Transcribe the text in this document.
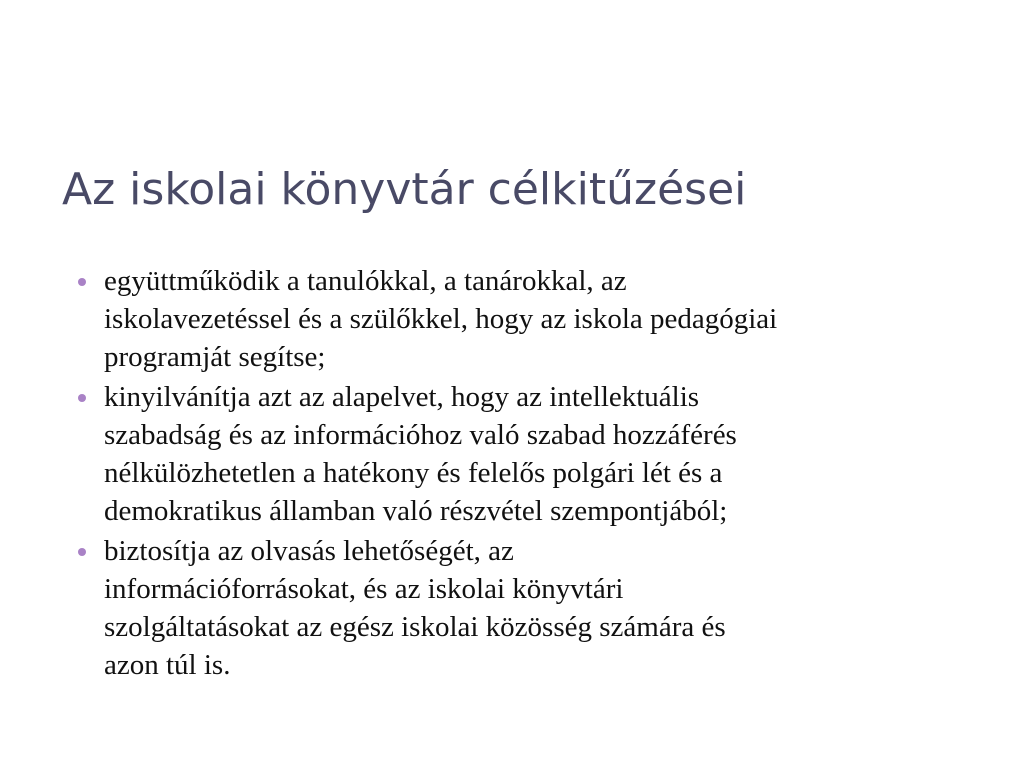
Az iskolai könyvtár célkitűzései
együttműködik a tanulókkal, a tanárokkal, az
iskolavezetéssel és a szülőkkel, hogy az iskola pedagógiai
programját segítse;
kinyilvánítja azt az alapelvet, hogy az intellektuális
szabadság és az információhoz való szabad hozzáférés
nélkülözhetetlen a hatékony és felelős polgári lét és a
demokratikus államban való részvétel szempontjából;
biztosítja az olvasás lehetőségét, az
információforrásokat, és az iskolai könyvtári
szolgáltatásokat az egész iskolai közösség számára és
azon túl is.
